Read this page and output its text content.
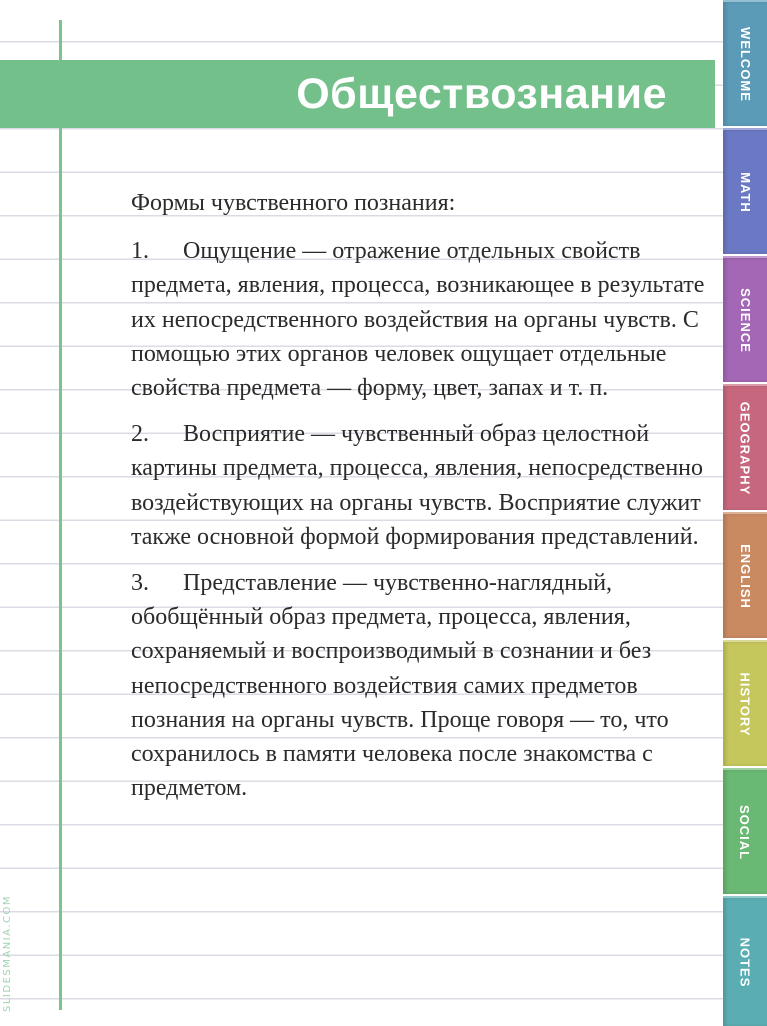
Обществознание

Формы чувственного познания:

1. Ощущение — отражение отдельных свойств предмета, явления, процесса, возникающее в результате их непосредственного воздействия на органы чувств. С помощью этих органов человек ощущает отдельные свойства предмета — форму, цвет, запах и т. п.

2. Восприятие — чувственный образ целостной картины предмета, процесса, явления, непосредственно воздействующих на органы чувств. Восприятие служит также основной формой формирования представлений.

3. Представление — чувственно-наглядный, обобщённый образ предмета, процесса, явления, сохраняемый и воспроизводимый в сознании и без непосредственного воздействия самих предметов познания на органы чувств. Проще говоря — то, что сохранилось в памяти человека после знакомства с предметом.

SLIDESMANIA.COM
WELCOME
MATH
SCIENCE
GEOGRAPHY
ENGLISH
HISTORY
SOCIAL
NOTES
